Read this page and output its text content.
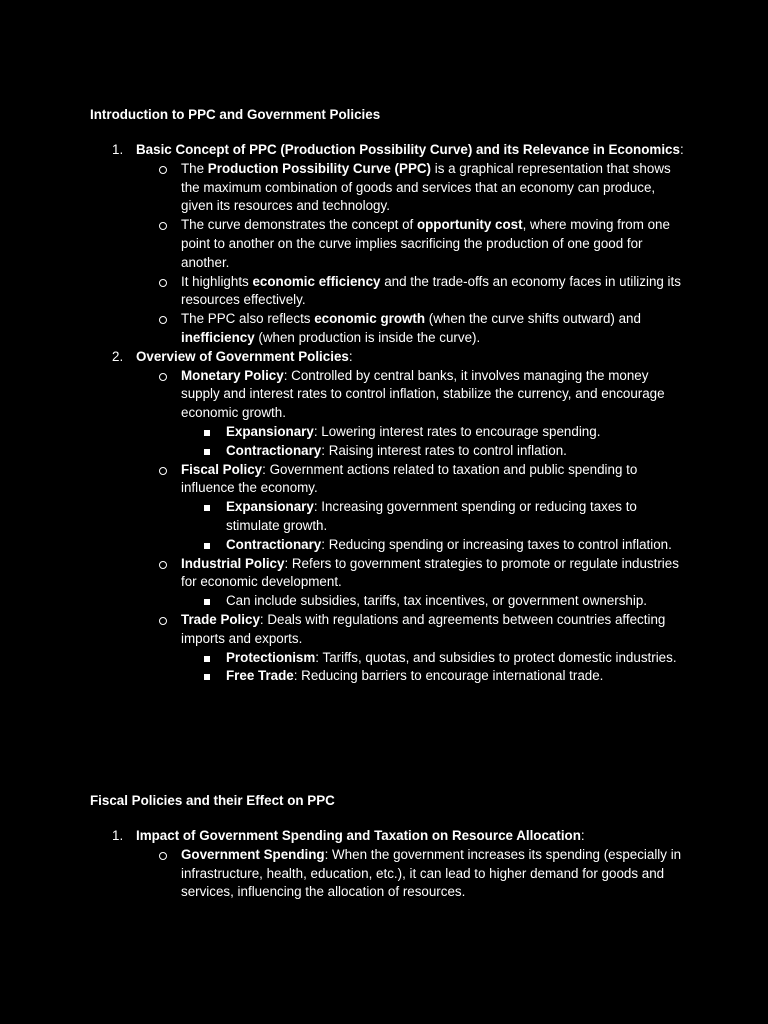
Introduction to PPC and Government Policies

1. Basic Concept of PPC (Production Possibility Curve) and its Relevance in Economics:
The Production Possibility Curve (PPC) is a graphical representation that shows the maximum combination of goods and services that an economy can produce, given its resources and technology.
The curve demonstrates the concept of opportunity cost, where moving from one point to another on the curve implies sacrificing the production of one good for another.
It highlights economic efficiency and the trade-offs an economy faces in utilizing its resources effectively.
The PPC also reflects economic growth (when the curve shifts outward) and inefficiency (when production is inside the curve).
2. Overview of Government Policies:
Monetary Policy: Controlled by central banks, it involves managing the money supply and interest rates to control inflation, stabilize the currency, and encourage economic growth.
Expansionary: Lowering interest rates to encourage spending.
Contractionary: Raising interest rates to control inflation.
Fiscal Policy: Government actions related to taxation and public spending to influence the economy.
Expansionary: Increasing government spending or reducing taxes to stimulate growth.
Contractionary: Reducing spending or increasing taxes to control inflation.
Industrial Policy: Refers to government strategies to promote or regulate industries for economic development.
Can include subsidies, tariffs, tax incentives, or government ownership.
Trade Policy: Deals with regulations and agreements between countries affecting imports and exports.
Protectionism: Tariffs, quotas, and subsidies to protect domestic industries.
Free Trade: Reducing barriers to encourage international trade.

Fiscal Policies and their Effect on PPC

1. Impact of Government Spending and Taxation on Resource Allocation:
Government Spending: When the government increases its spending (especially in infrastructure, health, education, etc.), it can lead to higher demand for goods and services, influencing the allocation of resources.
